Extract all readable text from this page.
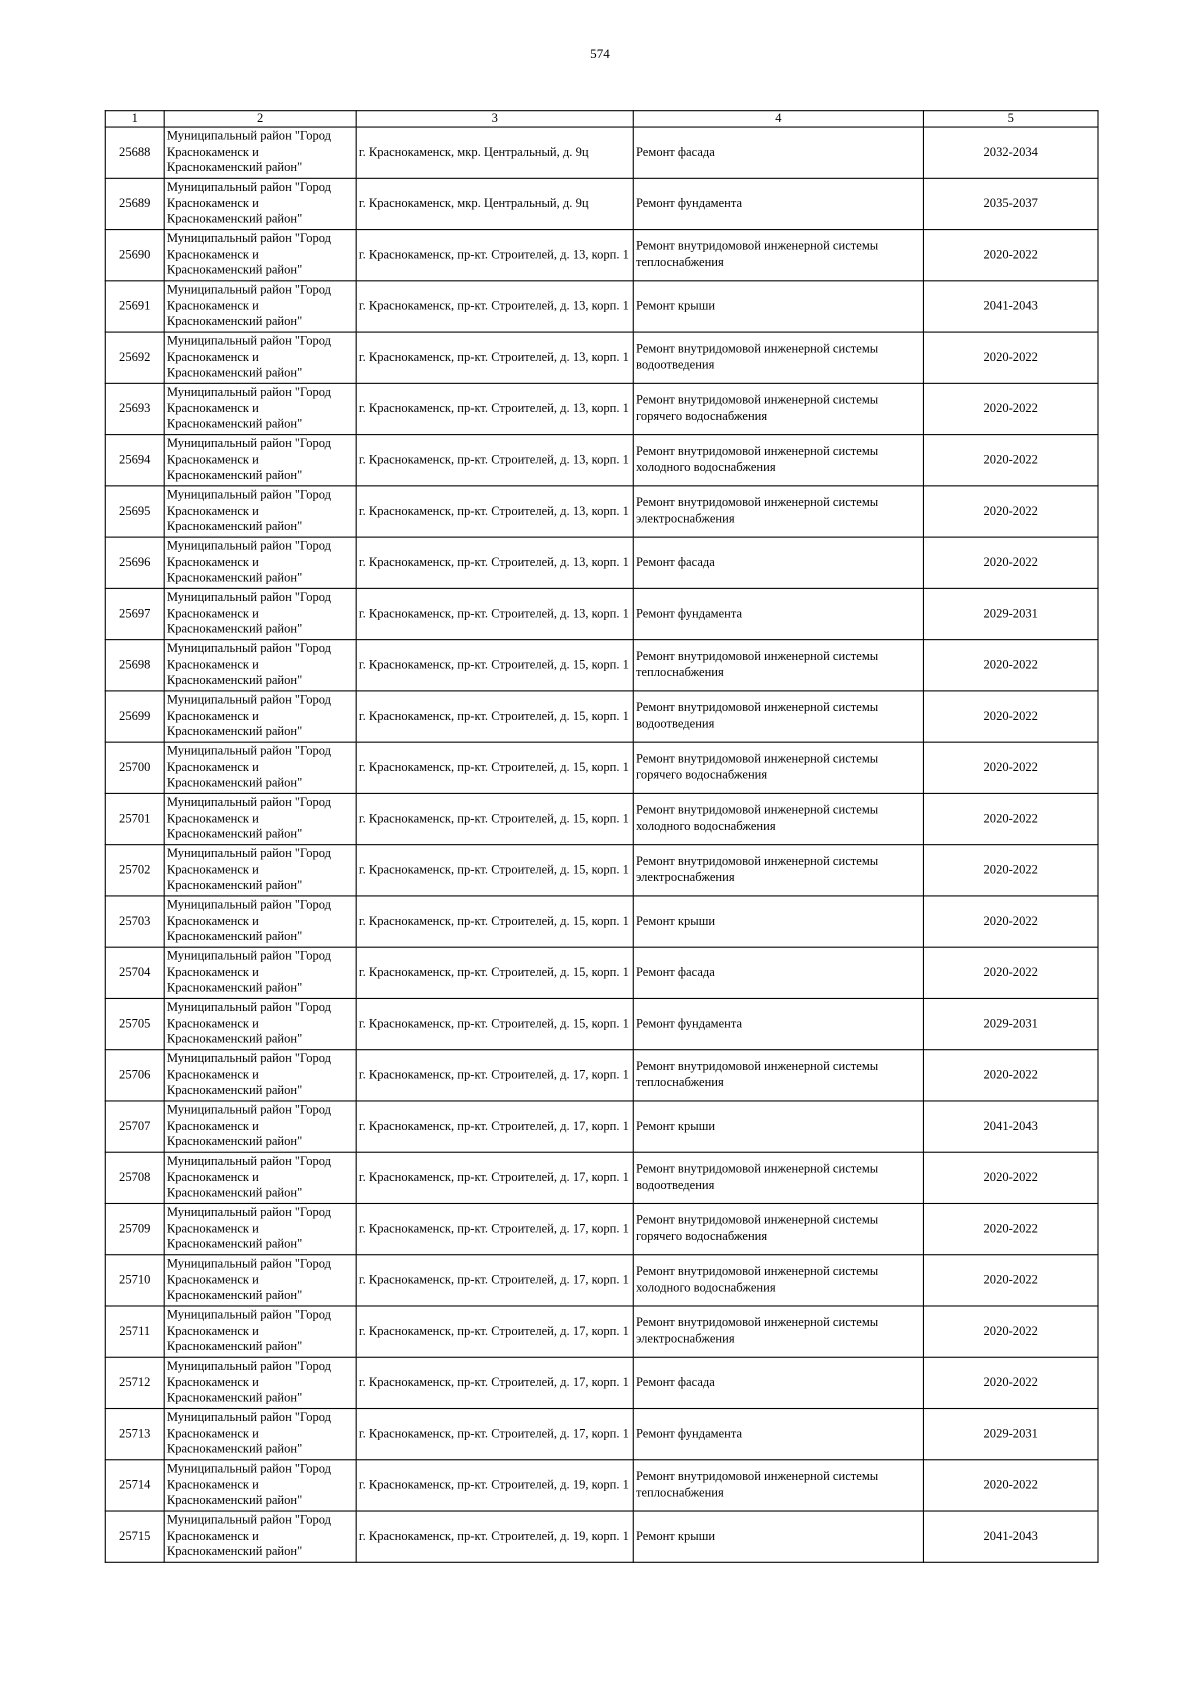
574
1	2	3	4	5
25688	Муниципальный район "Город Краснокаменск и Краснокаменский район"	г. Краснокаменск, мкр. Центральный, д. 9ц	Ремонт фасада	2032-2034
25689	Муниципальный район "Город Краснокаменск и Краснокаменский район"	г. Краснокаменск, мкр. Центральный, д. 9ц	Ремонт фундамента	2035-2037
25690	Муниципальный район "Город Краснокаменск и Краснокаменский район"	г. Краснокаменск, пр-кт. Строителей, д. 13, корп. 1	Ремонт внутридомовой инженерной системы теплоснабжения	2020-2022
25691	Муниципальный район "Город Краснокаменск и Краснокаменский район"	г. Краснокаменск, пр-кт. Строителей, д. 13, корп. 1	Ремонт крыши	2041-2043
25692	Муниципальный район "Город Краснокаменск и Краснокаменский район"	г. Краснокаменск, пр-кт. Строителей, д. 13, корп. 1	Ремонт внутридомовой инженерной системы водоотведения	2020-2022
25693	Муниципальный район "Город Краснокаменск и Краснокаменский район"	г. Краснокаменск, пр-кт. Строителей, д. 13, корп. 1	Ремонт внутридомовой инженерной системы горячего водоснабжения	2020-2022
25694	Муниципальный район "Город Краснокаменск и Краснокаменский район"	г. Краснокаменск, пр-кт. Строителей, д. 13, корп. 1	Ремонт внутридомовой инженерной системы холодного водоснабжения	2020-2022
25695	Муниципальный район "Город Краснокаменск и Краснокаменский район"	г. Краснокаменск, пр-кт. Строителей, д. 13, корп. 1	Ремонт внутридомовой инженерной системы электроснабжения	2020-2022
25696	Муниципальный район "Город Краснокаменск и Краснокаменский район"	г. Краснокаменск, пр-кт. Строителей, д. 13, корп. 1	Ремонт фасада	2020-2022
25697	Муниципальный район "Город Краснокаменск и Краснокаменский район"	г. Краснокаменск, пр-кт. Строителей, д. 13, корп. 1	Ремонт фундамента	2029-2031
25698	Муниципальный район "Город Краснокаменск и Краснокаменский район"	г. Краснокаменск, пр-кт. Строителей, д. 15, корп. 1	Ремонт внутридомовой инженерной системы теплоснабжения	2020-2022
25699	Муниципальный район "Город Краснокаменск и Краснокаменский район"	г. Краснокаменск, пр-кт. Строителей, д. 15, корп. 1	Ремонт внутридомовой инженерной системы водоотведения	2020-2022
25700	Муниципальный район "Город Краснокаменск и Краснокаменский район"	г. Краснокаменск, пр-кт. Строителей, д. 15, корп. 1	Ремонт внутридомовой инженерной системы горячего водоснабжения	2020-2022
25701	Муниципальный район "Город Краснокаменск и Краснокаменский район"	г. Краснокаменск, пр-кт. Строителей, д. 15, корп. 1	Ремонт внутридомовой инженерной системы холодного водоснабжения	2020-2022
25702	Муниципальный район "Город Краснокаменск и Краснокаменский район"	г. Краснокаменск, пр-кт. Строителей, д. 15, корп. 1	Ремонт внутридомовой инженерной системы электроснабжения	2020-2022
25703	Муниципальный район "Город Краснокаменск и Краснокаменский район"	г. Краснокаменск, пр-кт. Строителей, д. 15, корп. 1	Ремонт крыши	2020-2022
25704	Муниципальный район "Город Краснокаменск и Краснокаменский район"	г. Краснокаменск, пр-кт. Строителей, д. 15, корп. 1	Ремонт фасада	2020-2022
25705	Муниципальный район "Город Краснокаменск и Краснокаменский район"	г. Краснокаменск, пр-кт. Строителей, д. 15, корп. 1	Ремонт фундамента	2029-2031
25706	Муниципальный район "Город Краснокаменск и Краснокаменский район"	г. Краснокаменск, пр-кт. Строителей, д. 17, корп. 1	Ремонт внутридомовой инженерной системы теплоснабжения	2020-2022
25707	Муниципальный район "Город Краснокаменск и Краснокаменский район"	г. Краснокаменск, пр-кт. Строителей, д. 17, корп. 1	Ремонт крыши	2041-2043
25708	Муниципальный район "Город Краснокаменск и Краснокаменский район"	г. Краснокаменск, пр-кт. Строителей, д. 17, корп. 1	Ремонт внутридомовой инженерной системы водоотведения	2020-2022
25709	Муниципальный район "Город Краснокаменск и Краснокаменский район"	г. Краснокаменск, пр-кт. Строителей, д. 17, корп. 1	Ремонт внутридомовой инженерной системы горячего водоснабжения	2020-2022
25710	Муниципальный район "Город Краснокаменск и Краснокаменский район"	г. Краснокаменск, пр-кт. Строителей, д. 17, корп. 1	Ремонт внутридомовой инженерной системы холодного водоснабжения	2020-2022
25711	Муниципальный район "Город Краснокаменск и Краснокаменский район"	г. Краснокаменск, пр-кт. Строителей, д. 17, корп. 1	Ремонт внутридомовой инженерной системы электроснабжения	2020-2022
25712	Муниципальный район "Город Краснокаменск и Краснокаменский район"	г. Краснокаменск, пр-кт. Строителей, д. 17, корп. 1	Ремонт фасада	2020-2022
25713	Муниципальный район "Город Краснокаменск и Краснокаменский район"	г. Краснокаменск, пр-кт. Строителей, д. 17, корп. 1	Ремонт фундамента	2029-2031
25714	Муниципальный район "Город Краснокаменск и Краснокаменский район"	г. Краснокаменск, пр-кт. Строителей, д. 19, корп. 1	Ремонт внутридомовой инженерной системы теплоснабжения	2020-2022
25715	Муниципальный район "Город Краснокаменск и Краснокаменский район"	г. Краснокаменск, пр-кт. Строителей, д. 19, корп. 1	Ремонт крыши	2041-2043
